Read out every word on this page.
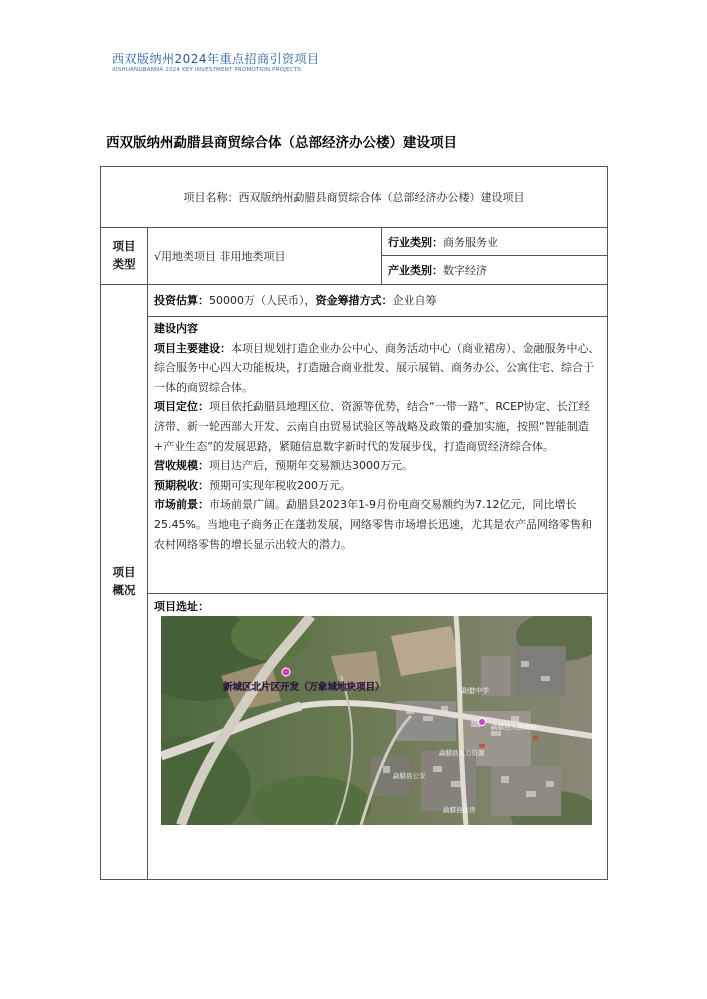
西双版纳州2024年重点招商引资项目
XISHUANGBANNA 2024 KEY INVESTMENT PROMOTION PROJECTS
西双版纳州勐腊县商贸综合体（总部经济办公楼）建设项目
项目名称：西双版纳州勐腊县商贸综合体（总部经济办公楼）建设项目
项目类型
√用地类项目 非用地类项目
行业类别：商务服务业
产业类别：数字经济
项目概况
投资估算：50000万（人民币），资金筹措方式：企业自筹

建设内容

项目主要建设：本项目规划打造企业办公中心、商务活动中心（商业裙房）、金融服务中心、综合服务中心四大功能板块，打造融合商业批发、展示展销、商务办公、公寓住宅、综合于一体的商贸综合体。

项目定位：项目依托勐腊县地理区位、资源等优势，结合“一带一路”、RCEP协定、长江经济带、新一轮西部大开发、云南自由贸易试验区等战略及政策的叠加实施，按照“智能制造+产业生态”的发展思路，紧随信息数字新时代的发展步伐，打造商贸经济综合体。

营收规模：项目达产后，预期年交易额达3000万元。

预期税收：预期可实现年税收200万元。

市场前景：市场前景广阔。勐腊县2023年1-9月份电商交易额约为7.12亿元，同比增长25.45%。当地电子商务正在蓬勃发展，网络零售市场增长迅速，尤其是农产品网络零售和农村网络零售的增长显示出较大的潜力。

项目选址：
新城区北片区开发（万象城地块项目）	勐腊中学
勐腊县人力资源
勐腊县公安
勐腊县住房
勐腊县人民政府
